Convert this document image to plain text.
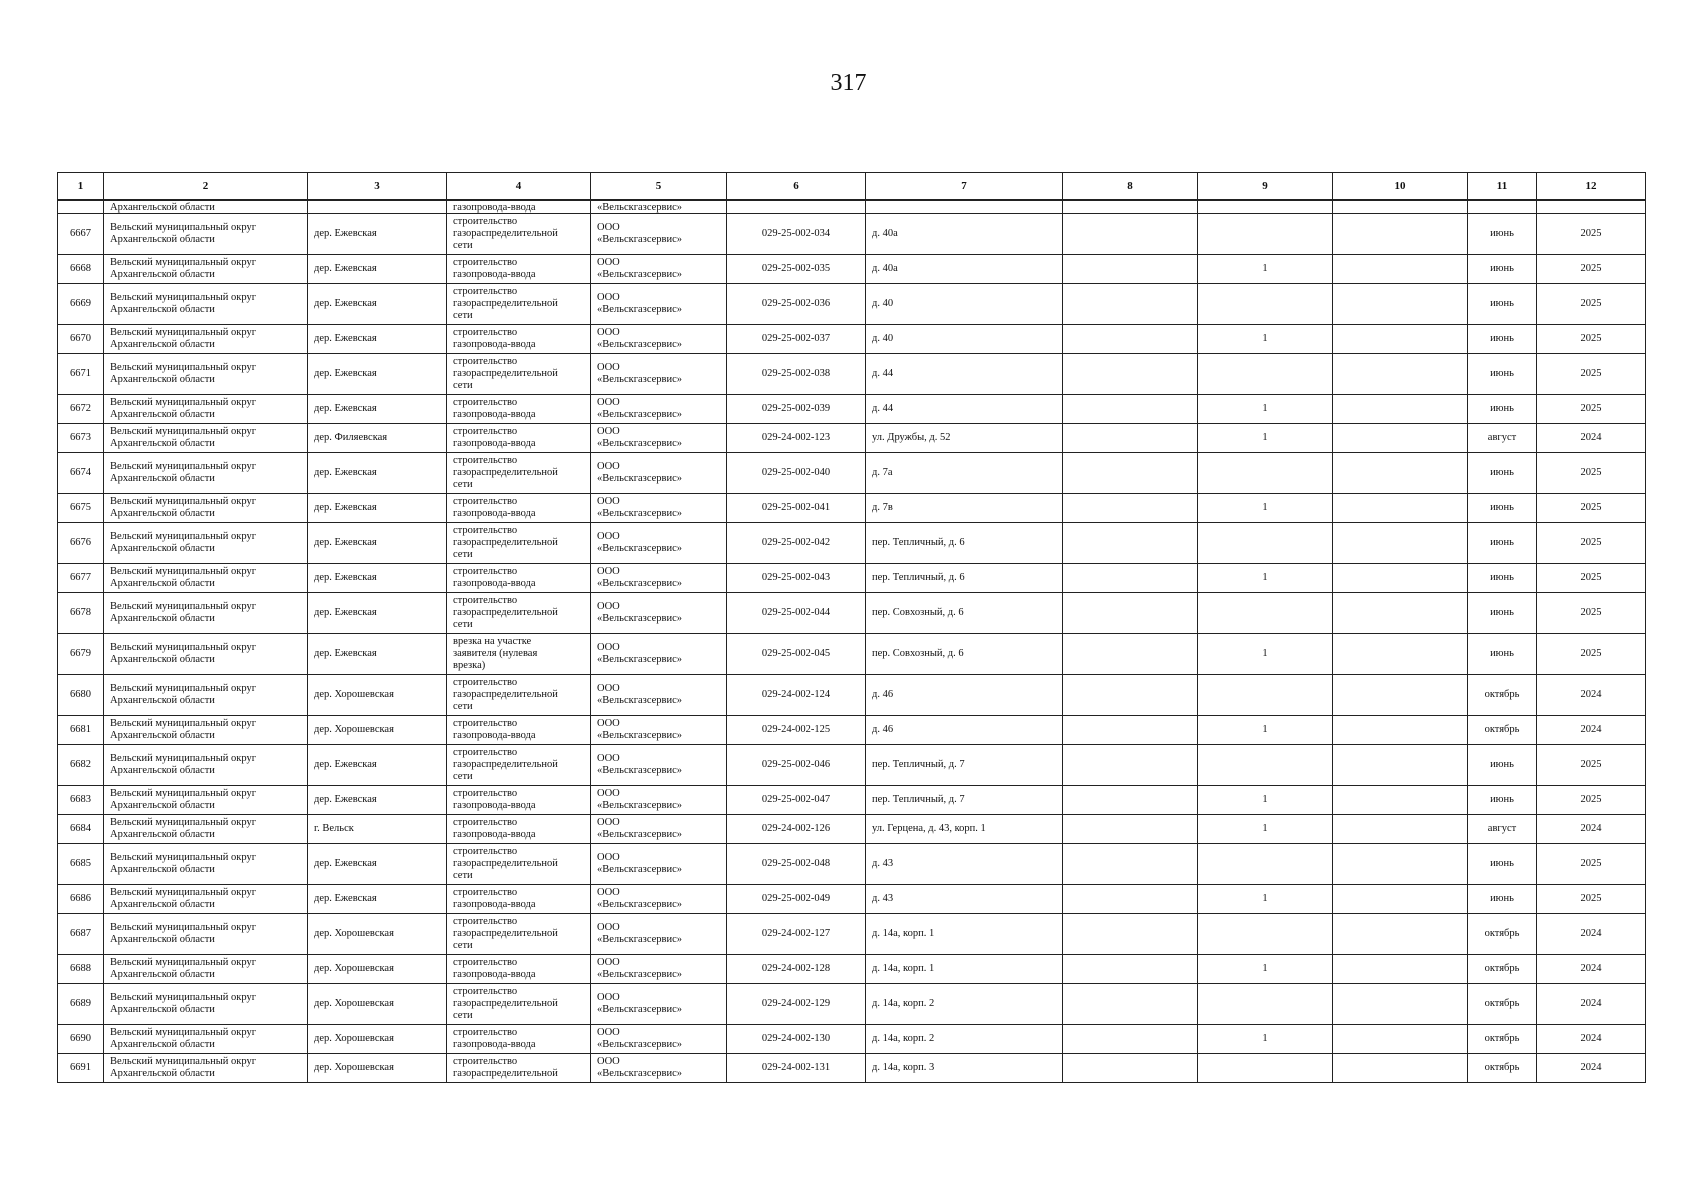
317
1	2	3	4	5	6	7	8	9	10	11	12
	Архангельской области		газопровода-ввода	«Вельскгазсервис»							
6667	Вельский муниципальный округ
Архангельской области	дер. Ежевская	строительство
газораспределительной
сети	ООО
«Вельскгазсервис»	029-25-002-034	д. 40а				июнь	2025
6668	Вельский муниципальный округ
Архангельской области	дер. Ежевская	строительство
газопровода-ввода	ООО
«Вельскгазсервис»	029-25-002-035	д. 40а		1		июнь	2025
6669	Вельский муниципальный округ
Архангельской области	дер. Ежевская	строительство
газораспределительной
сети	ООО
«Вельскгазсервис»	029-25-002-036	д. 40				июнь	2025
6670	Вельский муниципальный округ
Архангельской области	дер. Ежевская	строительство
газопровода-ввода	ООО
«Вельскгазсервис»	029-25-002-037	д. 40		1		июнь	2025
6671	Вельский муниципальный округ
Архангельской области	дер. Ежевская	строительство
газораспределительной
сети	ООО
«Вельскгазсервис»	029-25-002-038	д. 44				июнь	2025
6672	Вельский муниципальный округ
Архангельской области	дер. Ежевская	строительство
газопровода-ввода	ООО
«Вельскгазсервис»	029-25-002-039	д. 44		1		июнь	2025
6673	Вельский муниципальный округ
Архангельской области	дер. Филяевская	строительство
газопровода-ввода	ООО
«Вельскгазсервис»	029-24-002-123	ул. Дружбы, д. 52		1		август	2024
6674	Вельский муниципальный округ
Архангельской области	дер. Ежевская	строительство
газораспределительной
сети	ООО
«Вельскгазсервис»	029-25-002-040	д. 7а				июнь	2025
6675	Вельский муниципальный округ
Архангельской области	дер. Ежевская	строительство
газопровода-ввода	ООО
«Вельскгазсервис»	029-25-002-041	д. 7в		1		июнь	2025
6676	Вельский муниципальный округ
Архангельской области	дер. Ежевская	строительство
газораспределительной
сети	ООО
«Вельскгазсервис»	029-25-002-042	пер. Тепличный, д. 6				июнь	2025
6677	Вельский муниципальный округ
Архангельской области	дер. Ежевская	строительство
газопровода-ввода	ООО
«Вельскгазсервис»	029-25-002-043	пер. Тепличный, д. 6		1		июнь	2025
6678	Вельский муниципальный округ
Архангельской области	дер. Ежевская	строительство
газораспределительной
сети	ООО
«Вельскгазсервис»	029-25-002-044	пер. Совхозный, д. 6				июнь	2025
6679	Вельский муниципальный округ
Архангельской области	дер. Ежевская	врезка на участке
заявителя (нулевая
врезка)	ООО
«Вельскгазсервис»	029-25-002-045	пер. Совхозный, д. 6		1		июнь	2025
6680	Вельский муниципальный округ
Архангельской области	дер. Хорошевская	строительство
газораспределительной
сети	ООО
«Вельскгазсервис»	029-24-002-124	д. 46				октябрь	2024
6681	Вельский муниципальный округ
Архангельской области	дер. Хорошевская	строительство
газопровода-ввода	ООО
«Вельскгазсервис»	029-24-002-125	д. 46		1		октябрь	2024
6682	Вельский муниципальный округ
Архангельской области	дер. Ежевская	строительство
газораспределительной
сети	ООО
«Вельскгазсервис»	029-25-002-046	пер. Тепличный, д. 7				июнь	2025
6683	Вельский муниципальный округ
Архангельской области	дер. Ежевская	строительство
газопровода-ввода	ООО
«Вельскгазсервис»	029-25-002-047	пер. Тепличный, д. 7		1		июнь	2025
6684	Вельский муниципальный округ
Архангельской области	г. Вельск	строительство
газопровода-ввода	ООО
«Вельскгазсервис»	029-24-002-126	ул. Герцена, д. 43, корп. 1		1		август	2024
6685	Вельский муниципальный округ
Архангельской области	дер. Ежевская	строительство
газораспределительной
сети	ООО
«Вельскгазсервис»	029-25-002-048	д. 43				июнь	2025
6686	Вельский муниципальный округ
Архангельской области	дер. Ежевская	строительство
газопровода-ввода	ООО
«Вельскгазсервис»	029-25-002-049	д. 43		1		июнь	2025
6687	Вельский муниципальный округ
Архангельской области	дер. Хорошевская	строительство
газораспределительной
сети	ООО
«Вельскгазсервис»	029-24-002-127	д. 14а, корп. 1				октябрь	2024
6688	Вельский муниципальный округ
Архангельской области	дер. Хорошевская	строительство
газопровода-ввода	ООО
«Вельскгазсервис»	029-24-002-128	д. 14а, корп. 1		1		октябрь	2024
6689	Вельский муниципальный округ
Архангельской области	дер. Хорошевская	строительство
газораспределительной
сети	ООО
«Вельскгазсервис»	029-24-002-129	д. 14а, корп. 2				октябрь	2024
6690	Вельский муниципальный округ
Архангельской области	дер. Хорошевская	строительство
газопровода-ввода	ООО
«Вельскгазсервис»	029-24-002-130	д. 14а, корп. 2		1		октябрь	2024
6691	Вельский муниципальный округ
Архангельской области	дер. Хорошевская	строительство
газораспределительной	ООО
«Вельскгазсервис»	029-24-002-131	д. 14а, корп. 3				октябрь	2024
